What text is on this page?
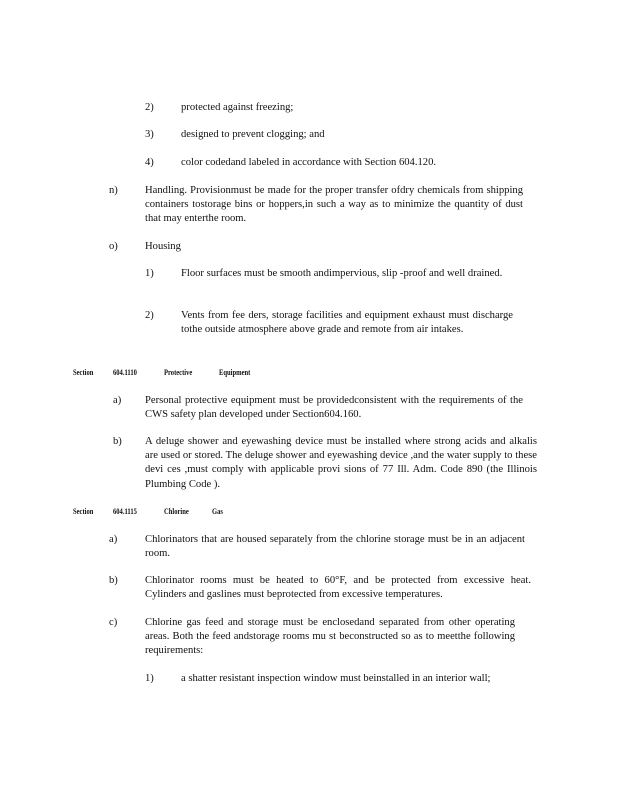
2)	protected against freezing;
3)	designed to prevent clogging; and
4)	color codedand labeled in accordance with Section 604.120.
n)	Handling. Provisionmust be made for the proper transfer ofdry chemicals from shipping containers tostorage bins or hoppers,in such a way as to minimize the quantity of dust that may enterthe room.
o)	Housing
1)	Floor surfaces must be smooth andimpervious, slip -proof and well drained.
2)	Vents from fee ders, storage facilities and equipment exhaust must discharge tothe outside atmosphere above grade and remote from air intakes.
Section 604.1110	Protective	Equipment
a) Personal protective equipment must be providedconsistent with the requirements of the CWS safety plan developed under Section604.160.
b) A deluge shower and eyewashing device must be installed where strong acids and alkalis are used or stored. The deluge shower and eyewashing device ,and the water supply to these devi ces ,must comply with applicable provi sions of 77 Ill. Adm. Code 890 (the Illinois Plumbing Code ).
Section 604.1115	Chlorine	Gas
a)	Chlorinators that are housed separately from the chlorine storage must be in an adjacent room.
b)	Chlorinator rooms must be heated to 60°F, and be protected from excessive heat. Cylinders and gaslines must beprotected from excessive temperatures.
c)	Chlorine gas feed and storage must be enclosedand separated from other operating areas. Both the feed andstorage rooms mu st beconstructed so as to meetthe following requirements:
1)	a shatter resistant inspection window must beinstalled in an interior wall;
